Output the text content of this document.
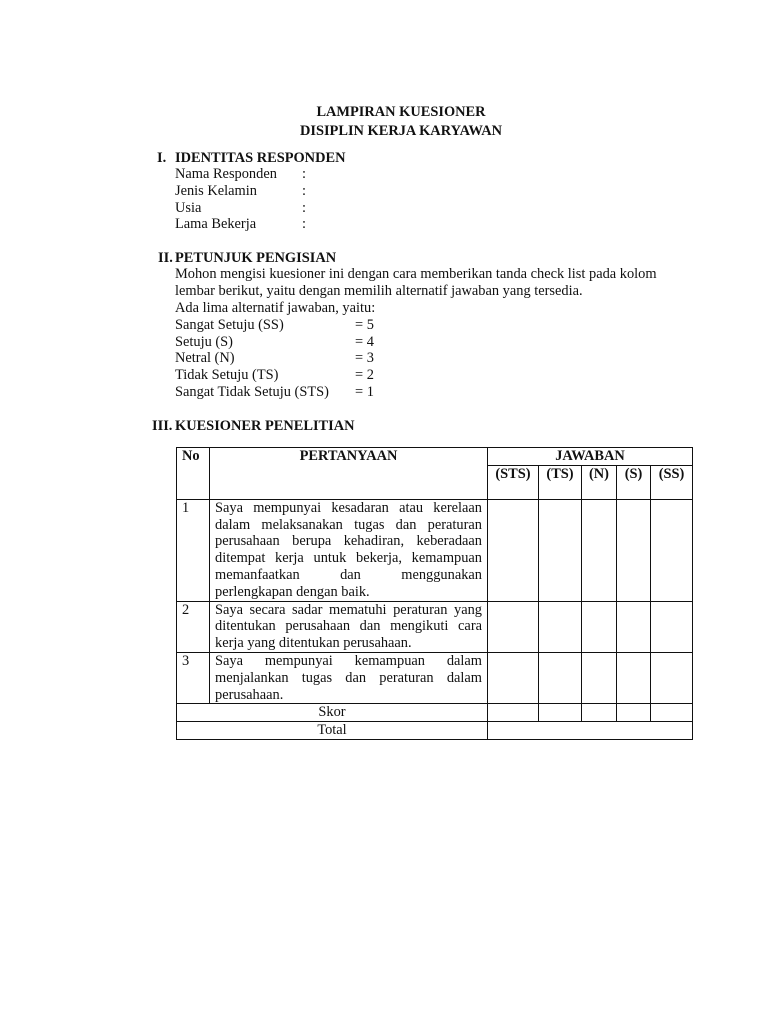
LAMPIRAN KUESIONER
DISIPLIN KERJA KARYAWAN
I. IDENTITAS RESPONDEN
Nama Responden :
Jenis Kelamin	:
Usia	:
Lama Bekerja	:
II. PETUNJUK PENGISIAN
Mohon mengisi kuesioner ini dengan cara memberikan tanda check list pada kolom lembar berikut, yaitu dengan memilih alternatif jawaban yang tersedia.
Ada lima alternatif jawaban, yaitu:
Sangat Setuju (SS)	= 5
Setuju (S)	= 4
Netral (N)	= 3
Tidak Setuju (TS)	= 2
Sangat Tidak Setuju (STS) = 1
III. KUESIONER PENELITIAN
No	PERTANYAAN	JAWABAN				
		(STS)	(TS)	(N)	(S)	(SS)
1	Saya mempunyai kesadaran atau kerelaan dalam melaksanakan tugas dan peraturan perusahaan berupa kehadiran, keberadaan ditempat kerja untuk bekerja, kemampuan memanfaatkan dan menggunakan perlengkapan dengan baik.					
2	Saya secara sadar mematuhi peraturan yang ditentukan perusahaan dan mengikuti cara kerja yang ditentukan perusahaan.					
3	Saya mempunyai kemampuan dalam menjalankan tugas dan peraturan dalam perusahaan.					
Skor						
Total						
